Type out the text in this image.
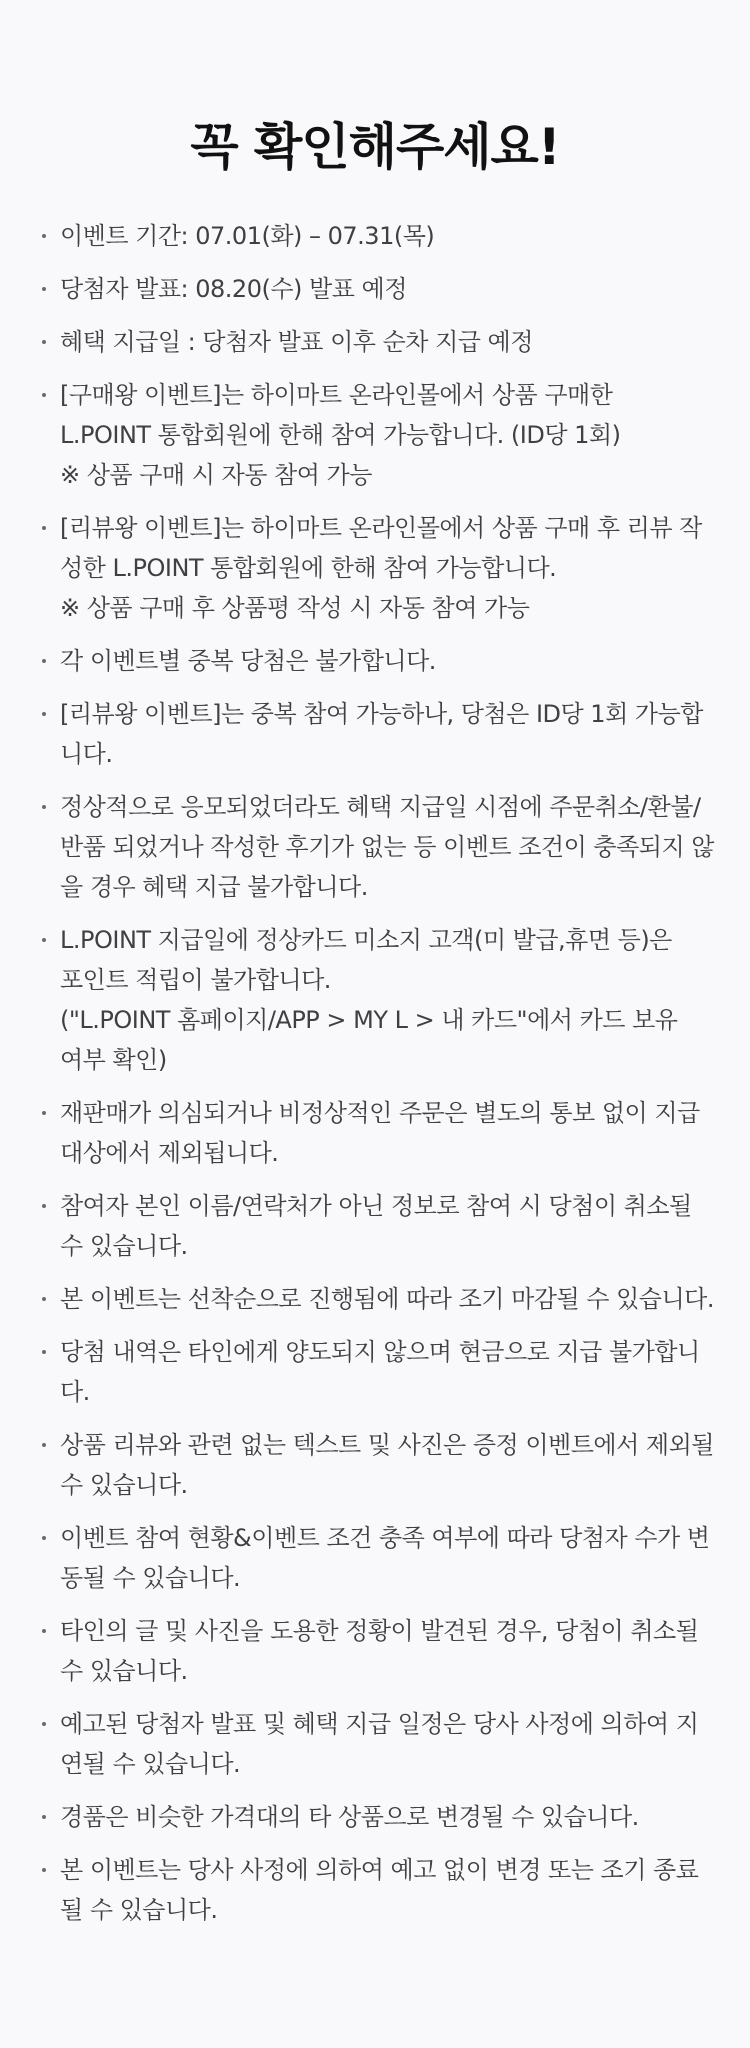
꼭 확인해주세요!
이벤트 기간: 07.01(화) – 07.31(목)
당첨자 발표: 08.20(수) 발표 예정
혜택 지급일 : 당첨자 발표 이후 순차 지급 예정
[구매왕 이벤트]는 하이마트 온라인몰에서 상품 구매한
L.POINT 통합회원에 한해 참여 가능합니다. (ID당 1회)
※ 상품 구매 시 자동 참여 가능
[리뷰왕 이벤트]는 하이마트 온라인몰에서 상품 구매 후 리뷰 작
성한 L.POINT 통합회원에 한해 참여 가능합니다.
※ 상품 구매 후 상품평 작성 시 자동 참여 가능
각 이벤트별 중복 당첨은 불가합니다.
[리뷰왕 이벤트]는 중복 참여 가능하나, 당첨은 ID당 1회 가능합
니다.
정상적으로 응모되었더라도 혜택 지급일 시점에 주문취소/환불/
반품 되었거나 작성한 후기가 없는 등 이벤트 조건이 충족되지 않
을 경우 혜택 지급 불가합니다.
L.POINT 지급일에 정상카드 미소지 고객(미 발급,휴면 등)은
포인트 적립이 불가합니다.
("L.POINT 홈페이지/APP > MY L > 내 카드"에서 카드 보유
여부 확인)
재판매가 의심되거나 비정상적인 주문은 별도의 통보 없이 지급
대상에서 제외됩니다.
참여자 본인 이름/연락처가 아닌 정보로 참여 시 당첨이 취소될
수 있습니다.
본 이벤트는 선착순으로 진행됨에 따라 조기 마감될 수 있습니다.
당첨 내역은 타인에게 양도되지 않으며 현금으로 지급 불가합니
다.
상품 리뷰와 관련 없는 텍스트 및 사진은 증정 이벤트에서 제외될
수 있습니다.
이벤트 참여 현황&이벤트 조건 충족 여부에 따라 당첨자 수가 변
동될 수 있습니다.
타인의 글 및 사진을 도용한 정황이 발견된 경우, 당첨이 취소될
수 있습니다.
예고된 당첨자 발표 및 혜택 지급 일정은 당사 사정에 의하여 지
연될 수 있습니다.
경품은 비슷한 가격대의 타 상품으로 변경될 수 있습니다.
본 이벤트는 당사 사정에 의하여 예고 없이 변경 또는 조기 종료
될 수 있습니다.
